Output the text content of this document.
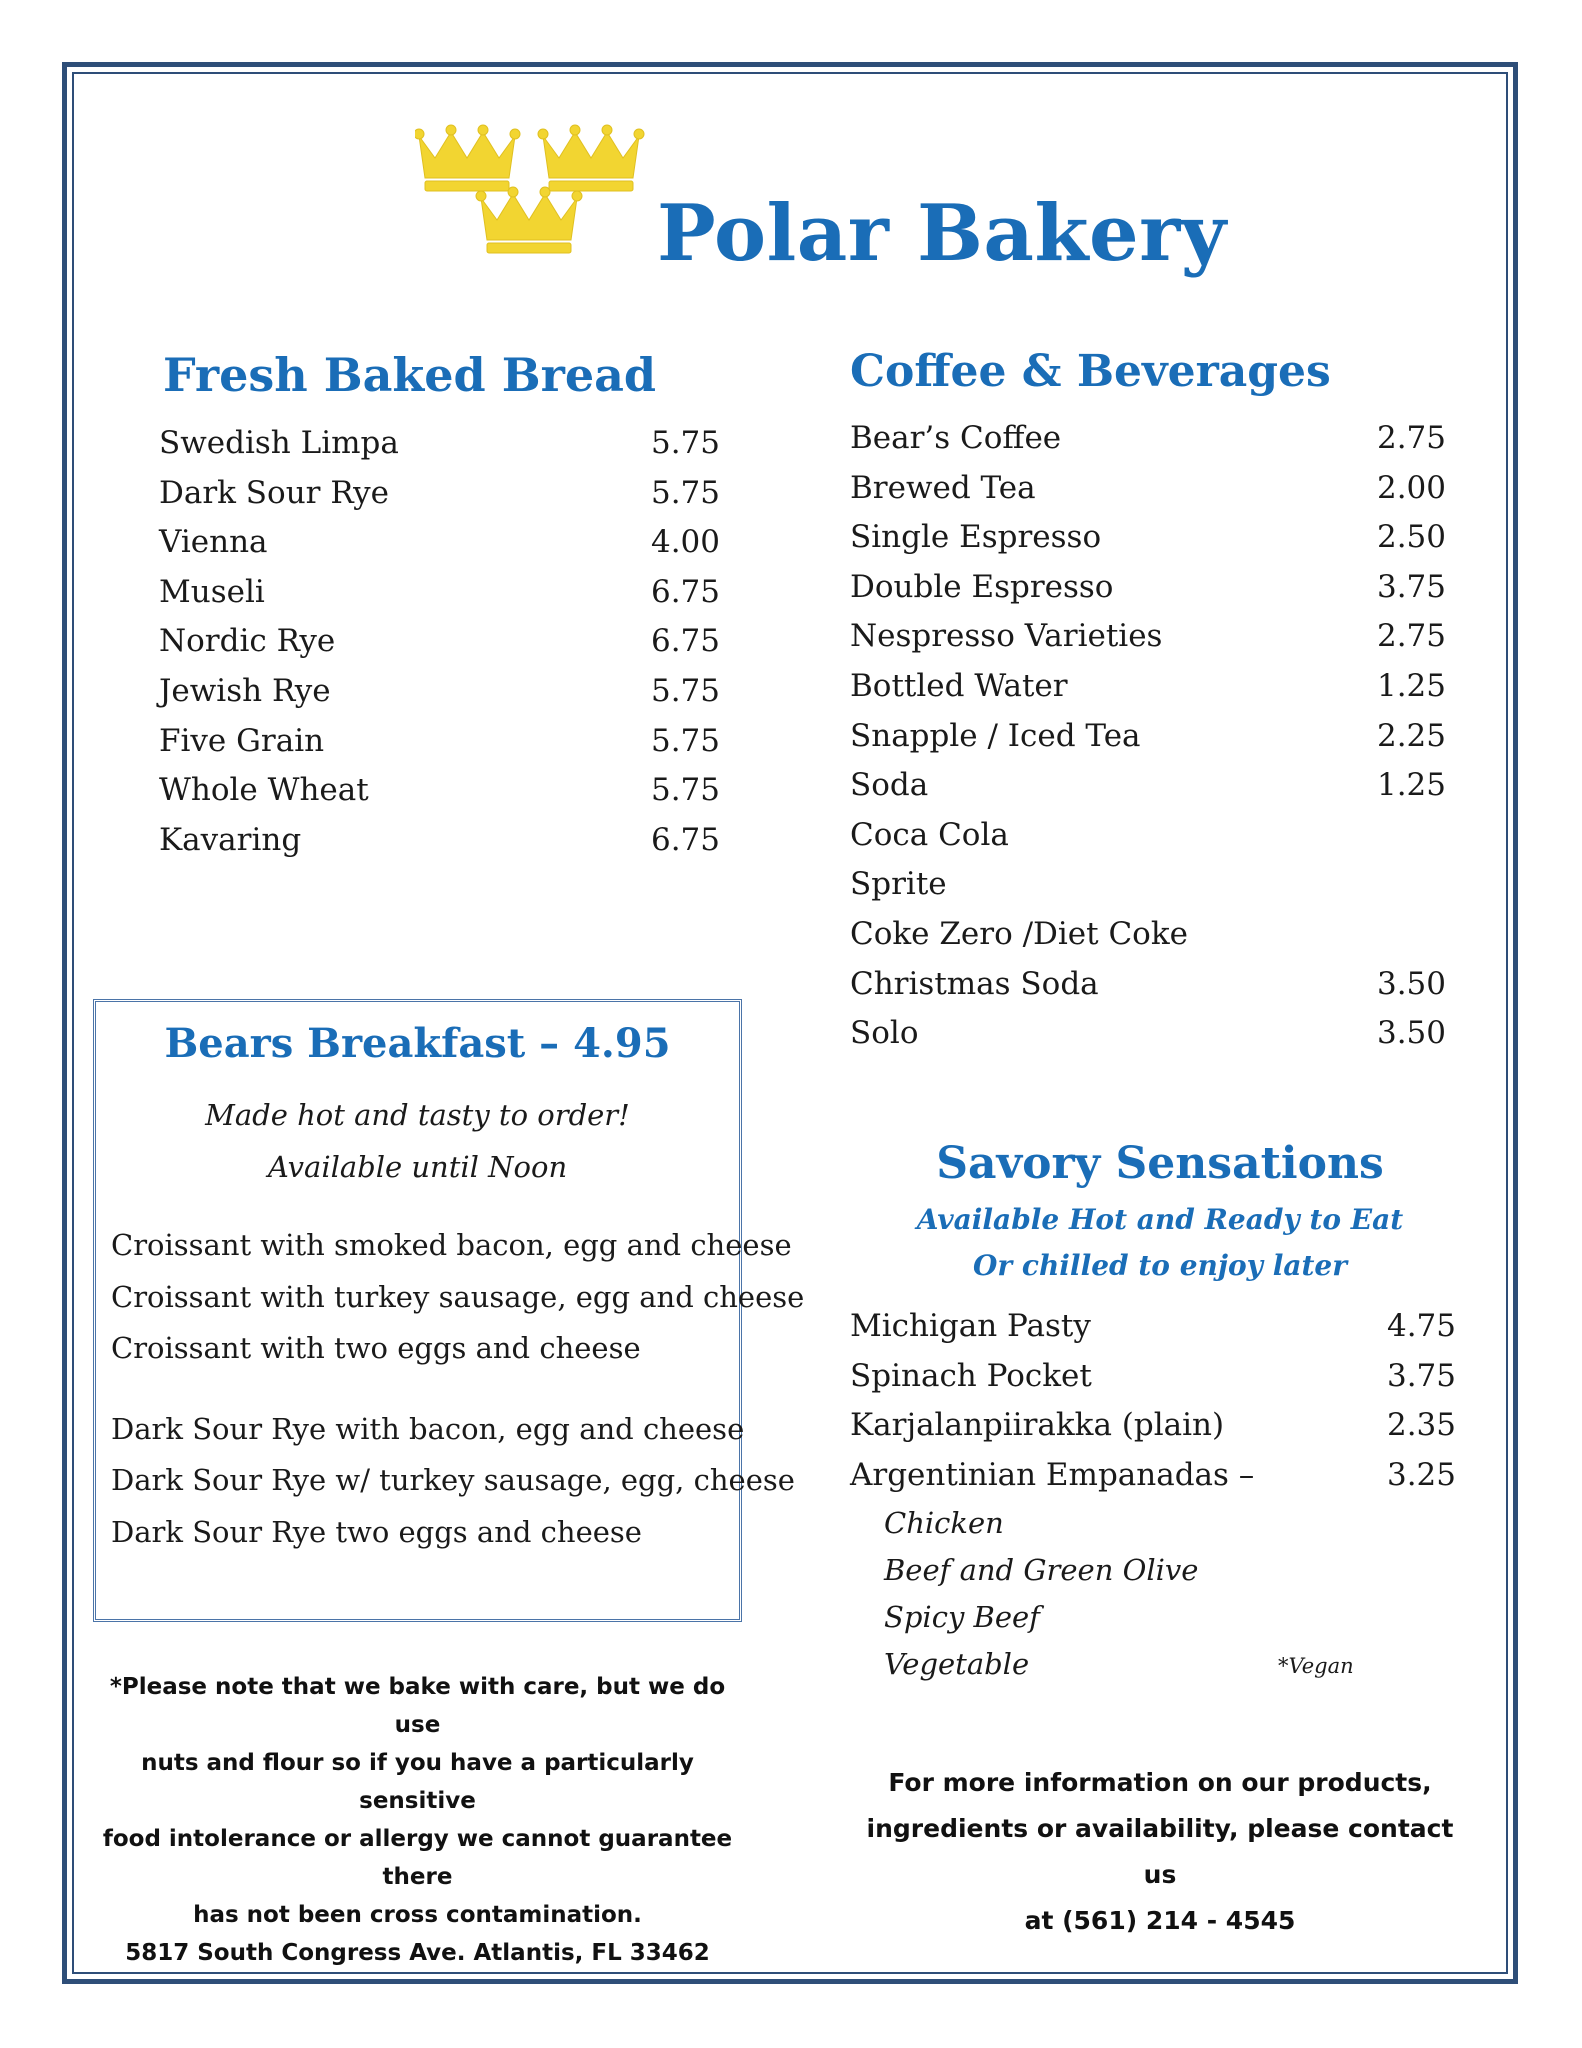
Polar Bakery
Fresh Baked Bread
Swedish Limpa	5.75
Dark Sour Rye	5.75
Vienna	4.00
Museli	6.75
Nordic Rye	6.75
Jewish Rye	5.75
Five Grain	5.75
Whole Wheat	5.75
Kavaring	6.75
Coffee & Beverages
Bear’s Coffee	2.75
Brewed Tea	2.00
Single Espresso	2.50
Double Espresso	3.75
Nespresso Varieties	2.75
Bottled Water	1.25
Snapple / Iced Tea	2.25
Soda	1.25
Coca Cola
Sprite
Coke Zero /Diet Coke
Christmas Soda	3.50
Solo	3.50
Bears Breakfast – 4.95
Made hot and tasty to order!
Available until Noon
Croissant with smoked bacon, egg and cheese
Croissant with turkey sausage, egg and cheese
Croissant with two eggs and cheese
Dark Sour Rye with bacon, egg and cheese
Dark Sour Rye w/ turkey sausage, egg, cheese
Dark Sour Rye two eggs and cheese
Savory Sensations
Available Hot and Ready to Eat
Or chilled to enjoy later
Michigan Pasty	4.75
Spinach Pocket	3.75
Karjalanpiirakka (plain)	2.35
Argentinian Empanadas –	3.25
Chicken
Beef and Green Olive
Spicy Beef
Vegetable	*Vegan
*Please note that we bake with care, but we do use
nuts and flour so if you have a particularly sensitive
food intolerance or allergy we cannot guarantee there
has not been cross contamination.
5817 South Congress Ave. Atlantis, FL 33462
For more information on our products,
ingredients or availability, please contact us
at (561) 214 - 4545
